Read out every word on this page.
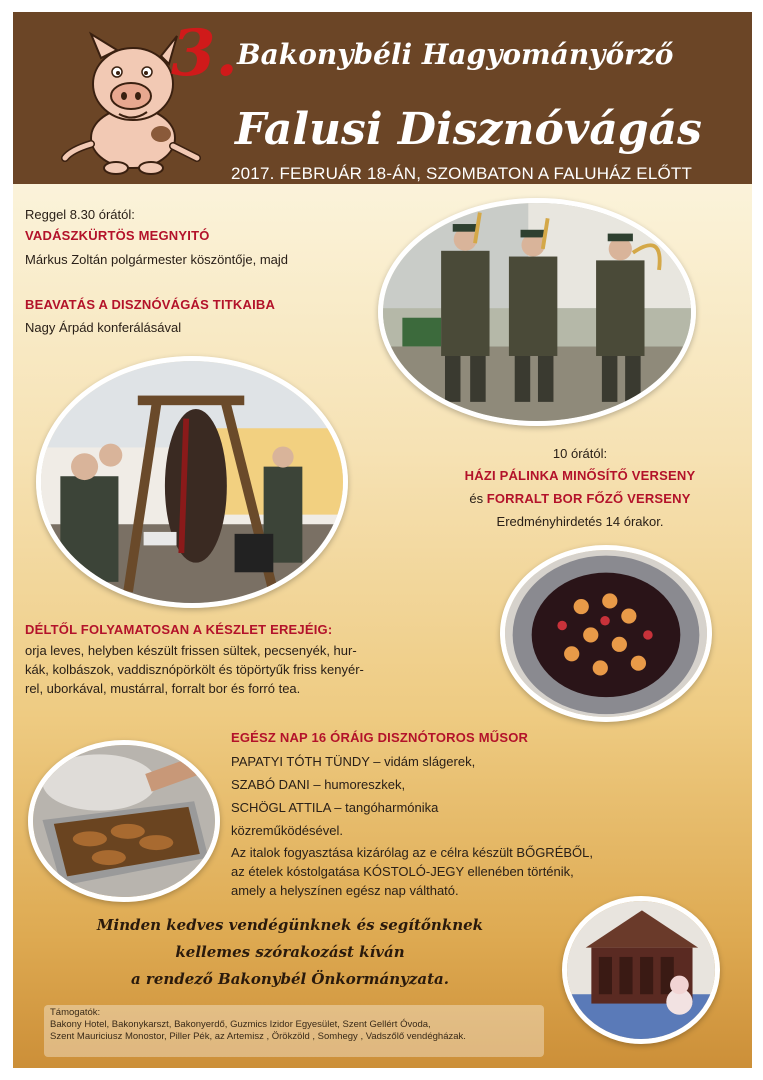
3. Bakonybéli Hagyományőrző
Falusi Disznóvágás
2017. FEBRUÁR 18-ÁN, SZOMBATON A FALUHÁZ ELŐTT
Reggel 8.30 órától:
VADÁSZKÜRTÖS MEGNYITÓ
Márkus Zoltán polgármester köszöntője, majd
BEAVATÁS A DISZNÓVÁGÁS TITKAIBA
Nagy Árpád konferálásával
10 órától:
HÁZI PÁLINKA MINŐSÍTŐ VERSENY
és FORRALT BOR FŐZŐ VERSENY
Eredményhirdetés 14 órakor.
DÉLTŐL FOLYAMATOSAN A KÉSZLET EREJÉIG:
orja leves, helyben készült frissen sültek, pecsenyék, hur-
kák, kolbászok, vaddisznópörkölt és töpörtyűk friss kenyér-
rel, uborkával, mustárral, forralt bor és forró tea.
EGÉSZ NAP 16 ÓRÁIG DISZNÓTOROS MŰSOR
PAPATYI TÓTH TÜNDY – vidám slágerek,
SZABÓ DANI – humoreszkek,
SCHÖGL ATTILA – tangóharmónika
közreműködésével.
Az italok fogyasztása kizárólag az e célra készült BŐGRÉBŐL,
az ételek kóstolgatása KÓSTOLÓ-JEGY ellenében történik,
amely a helyszínen egész nap váltható.
Minden kedves vendégünknek és segítőnknek
kellemes szórakozást kíván
a rendező Bakonybél Önkormányzata.
Támogatók:
Bakony Hotel, Bakonykarszt, Bakonyerdő, Guzmics Izidor Egyesület, Szent Gellért Óvoda,
Szent Mauriciusz Monostor, Piller Pék, az Artemisz , Örökzöld , Somhegy , Vadszőlő vendégházak.
